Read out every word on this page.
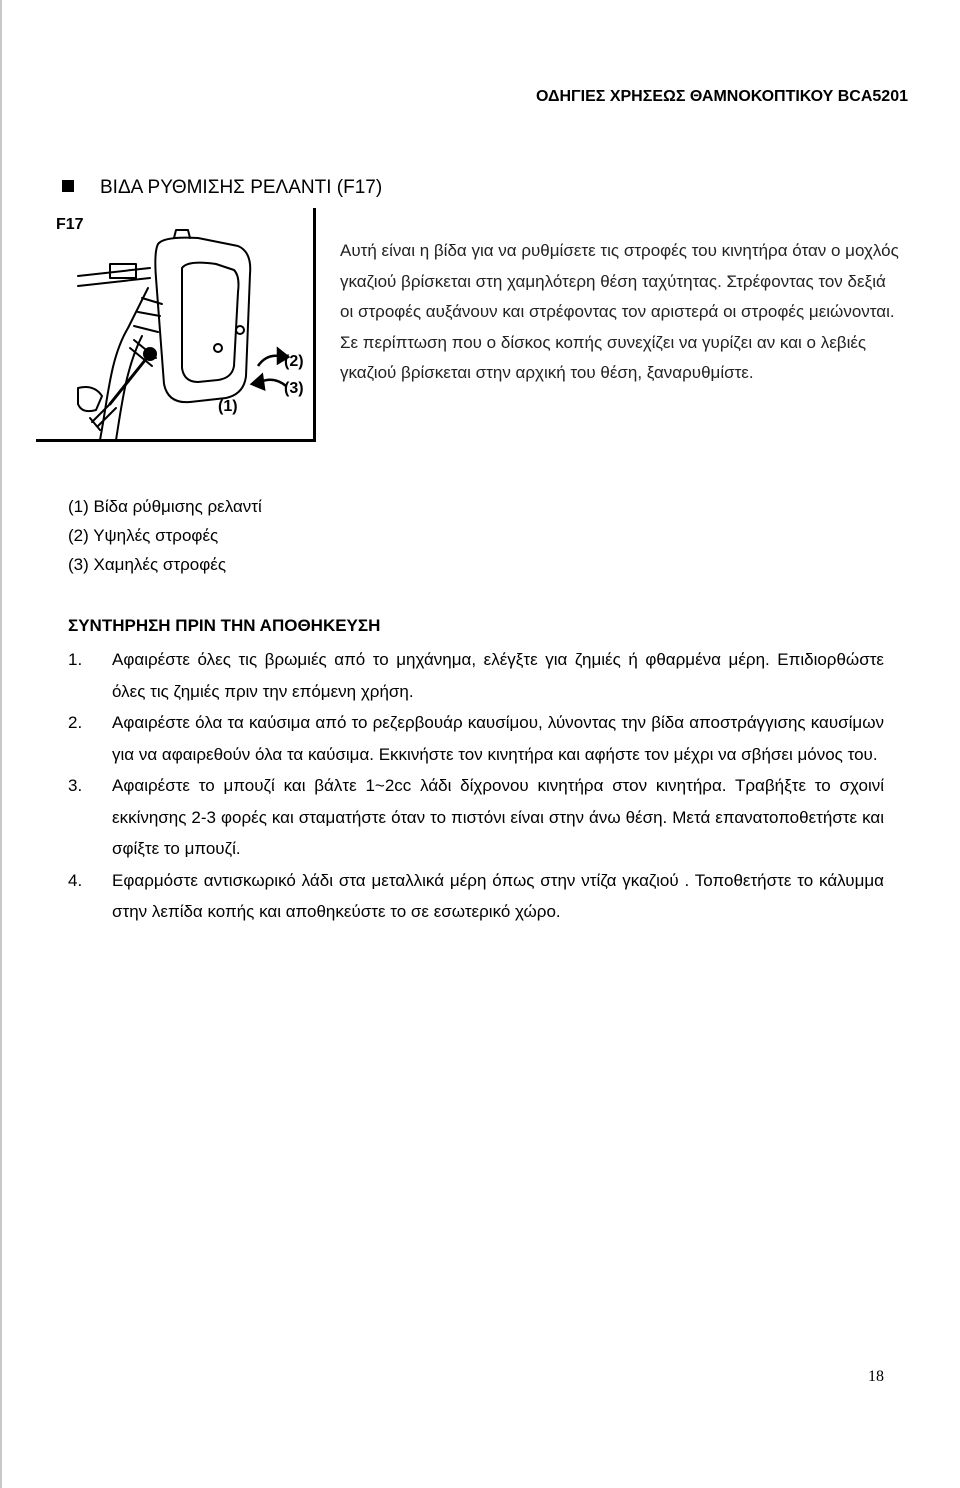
ΟΔΗΓΙΕΣ ΧΡΗΣΕΩΣ ΘΑΜΝΟΚΟΠΤΙΚΟΥ BCA5201
ΒΙΔΑ ΡΥΘΜΙΣΗΣ ΡΕΛΑΝΤΙ (F17)
F17
(2)
(3)
(1)
Αυτή είναι η βίδα για να ρυθμίσετε τις στροφές του κινητήρα όταν ο μοχλός γκαζιού βρίσκεται στη χαμηλότερη θέση ταχύτητας. Στρέφοντας τον δεξιά οι στροφές αυξάνουν και στρέφοντας τον αριστερά οι στροφές μειώνονται. Σε περίπτωση που ο δίσκος κοπής συνεχίζει να γυρίζει αν και ο λεβιές γκαζιού βρίσκεται στην αρχική του θέση, ξαναρυθμίστε.
(1) Βίδα ρύθμισης ρελαντί
(2) Υψηλές στροφές
(3) Χαμηλές στροφές
ΣΥΝΤΗΡΗΣΗ ΠΡΙΝ ΤΗΝ ΑΠΟΘΗΚΕΥΣΗ
1.	Αφαιρέστε όλες τις βρωμιές από το μηχάνημα, ελέγξτε για ζημιές ή φθαρμένα μέρη. Επιδιορθώστε όλες τις ζημιές πριν την επόμενη χρήση.
2.	Αφαιρέστε όλα τα καύσιμα από το ρεζερβουάρ καυσίμου, λύνοντας την βίδα αποστράγγισης καυσίμων για να αφαιρεθούν όλα τα καύσιμα. Εκκινήστε τον κινητήρα και αφήστε τον μέχρι να σβήσει μόνος του.
3.	Αφαιρέστε το μπουζί και βάλτε 1~2cc λάδι δίχρονου κινητήρα στον κινητήρα. Τραβήξτε το σχοινί εκκίνησης 2-3 φορές και σταματήστε όταν το πιστόνι είναι στην άνω θέση. Μετά επανατοποθετήστε και σφίξτε το μπουζί.
4.	Εφαρμόστε αντισκωρικό λάδι στα μεταλλικά μέρη όπως στην ντίζα γκαζιού . Τοποθετήστε το κάλυμμα στην λεπίδα κοπής και αποθηκεύστε το σε εσωτερικό χώρο.
18
